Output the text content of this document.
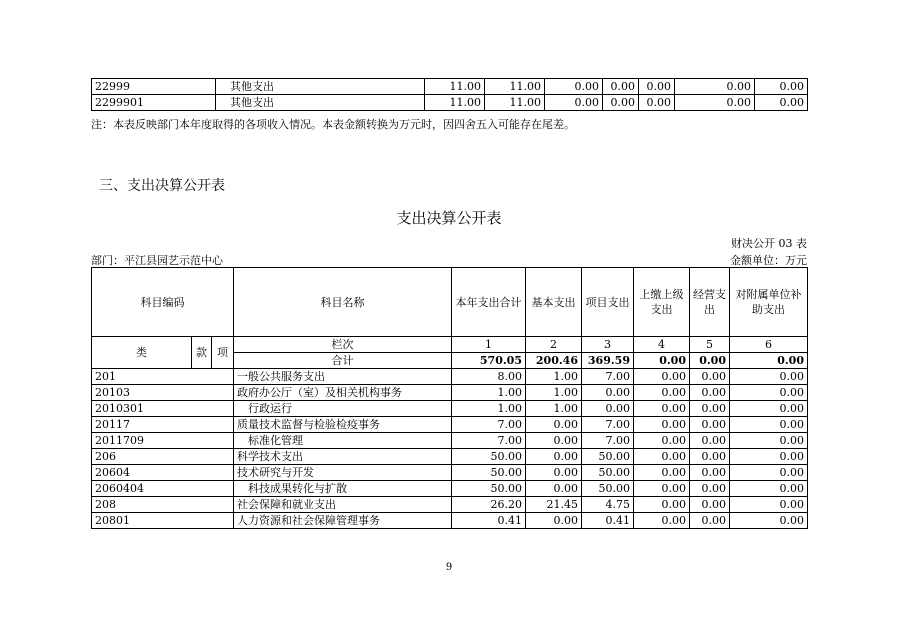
22999	其他支出	11.00	11.00	0.00	0.00	0.00	0.00	0.00
2299901	其他支出	11.00	11.00	0.00	0.00	0.00	0.00	0.00
注：本表反映部门本年度取得的各项收入情况。本表金额转换为万元时，因四舍五入可能存在尾差。
三、支出决算公开表
支出决算公开表
财决公开 03 表
部门：平江县园艺示范中心	金额单位：万元
科目编码			科目名称	本年支出合计	基本支出	项目支出	上缴上级支出	经营支出	对附属单位补助支出
类	款	项	栏次	1	2	3	4	5	6
			合计	570.05	200.46	369.59	0.00	0.00	0.00
201			一般公共服务支出	8.00	1.00	7.00	0.00	0.00	0.00
20103			政府办公厅（室）及相关机构事务	1.00	1.00	0.00	0.00	0.00	0.00
2010301			行政运行	1.00	1.00	0.00	0.00	0.00	0.00
20117			质量技术监督与检验检疫事务	7.00	0.00	7.00	0.00	0.00	0.00
2011709			标准化管理	7.00	0.00	7.00	0.00	0.00	0.00
206			科学技术支出	50.00	0.00	50.00	0.00	0.00	0.00
20604			技术研究与开发	50.00	0.00	50.00	0.00	0.00	0.00
2060404			科技成果转化与扩散	50.00	0.00	50.00	0.00	0.00	0.00
208			社会保障和就业支出	26.20	21.45	4.75	0.00	0.00	0.00
20801			人力资源和社会保障管理事务	0.41	0.00	0.41	0.00	0.00	0.00
9
